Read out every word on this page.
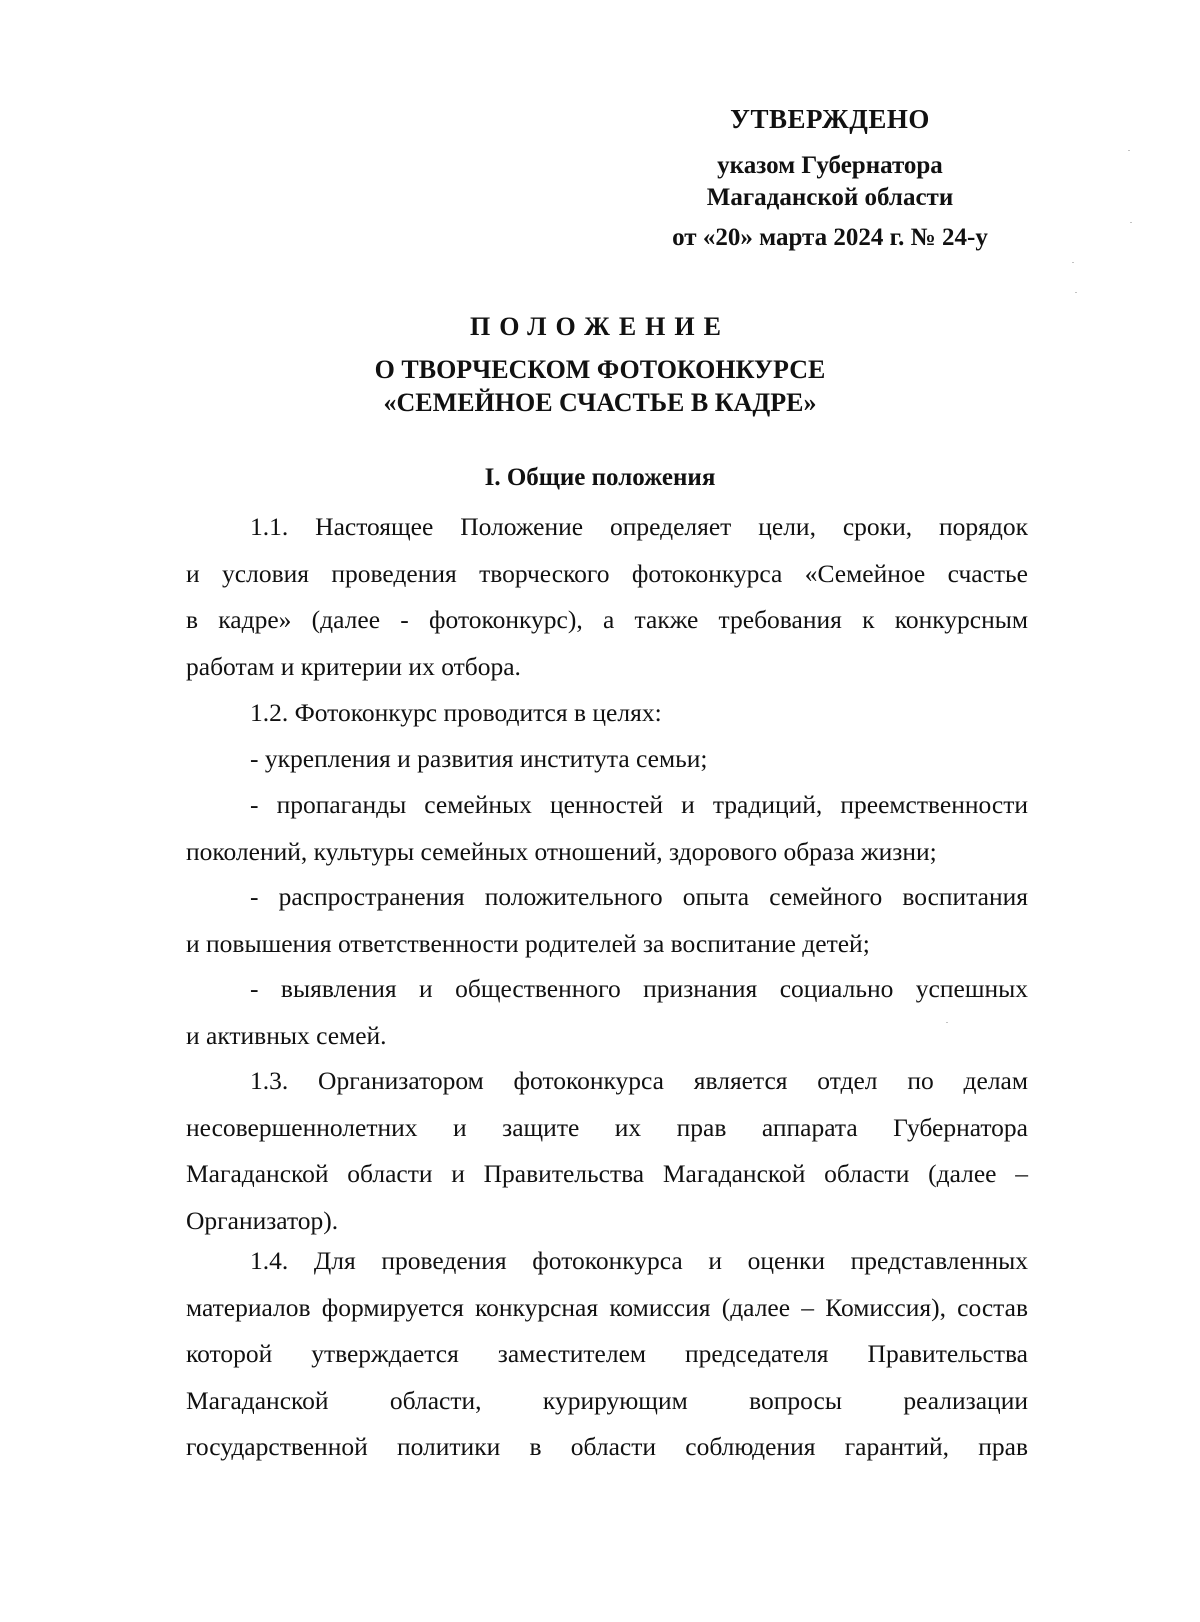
УТВЕРЖДЕНО
указом Губернатора
Магаданской области
от «20» марта 2024 г. № 24-у
ПОЛОЖЕНИЕ
О ТВОРЧЕСКОМ ФОТОКОНКУРСЕ
«СЕМЕЙНОЕ СЧАСТЬЕ В КАДРЕ»
I. Общие положения
1.1. Настоящее Положение определяет цели, сроки, порядок
и условия проведения творческого фотоконкурса «Семейное счастье
в кадре» (далее - фотоконкурс), а также требования к конкурсным
работам и критерии их отбора.
1.2. Фотоконкурс проводится в целях:
- укрепления и развития института семьи;
- пропаганды семейных ценностей и традиций, преемственности
поколений, культуры семейных отношений, здорового образа жизни;
- распространения положительного опыта семейного воспитания
и повышения ответственности родителей за воспитание детей;
- выявления и общественного признания социально успешных
и активных семей.
1.3. Организатором фотоконкурса является отдел по делам
несовершеннолетних и защите их прав аппарата Губернатора
Магаданской области и Правительства Магаданской области (далее –
Организатор).
1.4. Для проведения фотоконкурса и оценки представленных
материалов формируется конкурсная комиссия (далее – Комиссия), состав
которой утверждается заместителем председателя Правительства
Магаданской области, курирующим вопросы реализации
государственной политики в области соблюдения гарантий, прав
